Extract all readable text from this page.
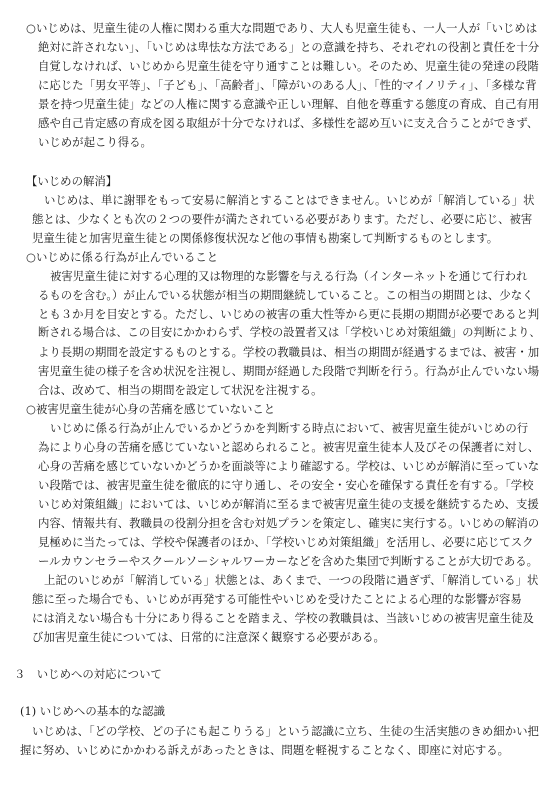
○いじめは、児童生徒の人権に関わる重大な問題であり、大人も児童生徒も、一人一人が「いじめは
絶対に許されない」、「いじめは卑怯な方法である」との意識を持ち、それぞれの役割と責任を十分
自覚しなければ、いじめから児童生徒を守り通すことは難しい。そのため、児童生徒の発達の段階
に応じた「男女平等」、「子ども」、「高齢者」、「障がいのある人」、「性的マイノリティ」、「多様な背
景を持つ児童生徒」などの人権に関する意識や正しい理解、自他を尊重する態度の育成、自己有用
感や自己肯定感の育成を図る取組が十分でなければ、多様性を認め互いに支え合うことができず、
いじめが起こり得る。
【いじめの解消】
いじめは、単に謝罪をもって安易に解消とすることはできません。いじめが「解消している」状
態とは、少なくとも次の２つの要件が満たされている必要があります。ただし、必要に応じ、被害
児童生徒と加害児童生徒との関係修復状況など他の事情も勘案して判断するものとします。
○いじめに係る行為が止んでいること
被害児童生徒に対する心理的又は物理的な影響を与える行為（インターネットを通じて行われ
るものを含む。）が止んでいる状態が相当の期間継続していること。この相当の期間とは、少なく
とも３か月を目安とする。ただし、いじめの被害の重大性等から更に長期の期間が必要であると判
断される場合は、この目安にかかわらず、学校の設置者又は「学校いじめ対策組織」の判断により、
より長期の期間を設定するものとする。学校の教職員は、相当の期間が経過するまでは、被害・加
害児童生徒の様子を含め状況を注視し、期間が経過した段階で判断を行う。行為が止んでいない場
合は、改めて、相当の期間を設定して状況を注視する。
○被害児童生徒が心身の苦痛を感じていないこと
いじめに係る行為が止んでいるかどうかを判断する時点において、被害児童生徒がいじめの行
為により心身の苦痛を感じていないと認められること。被害児童生徒本人及びその保護者に対し、
心身の苦痛を感じていないかどうかを面談等により確認する。学校は、いじめが解消に至っていな
い段階では、被害児童生徒を徹底的に守り通し、その安全・安心を確保する責任を有する。「学校
いじめ対策組織」においては、いじめが解消に至るまで被害児童生徒の支援を継続するため、支援
内容、情報共有、教職員の役割分担を含む対処プランを策定し、確実に実行する。いじめの解消の
見極めに当たっては、学校や保護者のほか、「学校いじめ対策組織」を活用し、必要に応じてスク
ールカウンセラーやスクールソーシャルワーカーなどを含めた集団で判断することが大切である。
上記のいじめが「解消している」状態とは、あくまで、一つの段階に過ぎず、「解消している」状
態に至った場合でも、いじめが再発する可能性やいじめを受けたことによる心理的な影響が容易
には消えない場合も十分にあり得ることを踏まえ、学校の教職員は、当該いじめの被害児童生徒及
び加害児童生徒については、日常的に注意深く観察する必要がある。
３　いじめへの対応について
(1) いじめへの基本的な認識
いじめは、「どの学校、どの子にも起こりうる」という認識に立ち、生徒の生活実態のきめ細かい把
握に努め、いじめにかかわる訴えがあったときは、問題を軽視することなく、即座に対応する。
